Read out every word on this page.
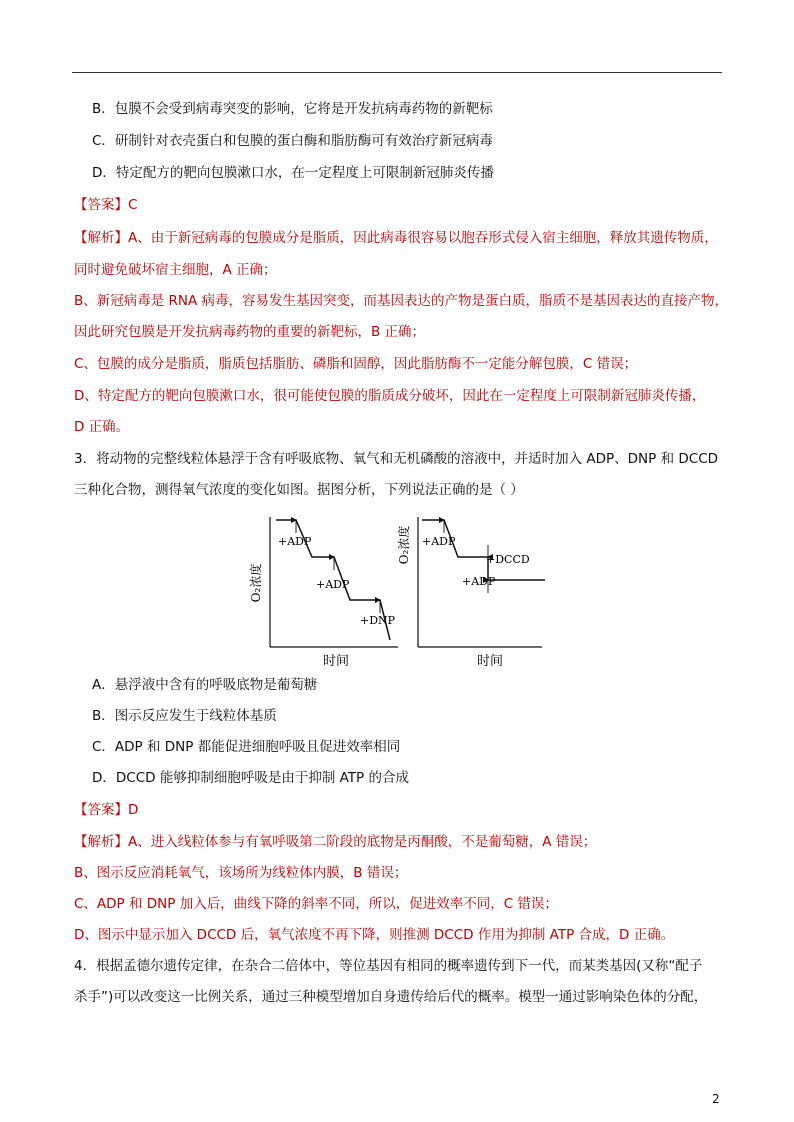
B．包膜不会受到病毒突变的影响，它将是开发抗病毒药物的新靶标
C．研制针对衣壳蛋白和包膜的蛋白酶和脂肪酶可有效治疗新冠病毒
D．特定配方的靶向包膜漱口水，在一定程度上可限制新冠肺炎传播
【答案】C
【解析】A、由于新冠病毒的包膜成分是脂质，因此病毒很容易以胞吞形式侵入宿主细胞，释放其遗传物质，
同时避免破坏宿主细胞，A 正确；
B、新冠病毒是 RNA 病毒，容易发生基因突变，而基因表达的产物是蛋白质，脂质不是基因表达的直接产物，
因此研究包膜是开发抗病毒药物的重要的新靶标，B 正确；
C、包膜的成分是脂质，脂质包括脂肪、磷脂和固醇，因此脂肪酶不一定能分解包膜，C 错误；
D、特定配方的靶向包膜漱口水，很可能使包膜的脂质成分破坏，因此在一定程度上可限制新冠肺炎传播，
D 正确。
3．将动物的完整线粒体悬浮于含有呼吸底物、氧气和无机磷酸的溶液中，并适时加入 ADP、DNP 和 DCCD
三种化合物，测得氧气浓度的变化如图。据图分析，下列说法正确的是（ ）
O₂浓度
时间
+ADP
+ADP
+DNP
O₂浓度
时间
+ADP
+DCCD
+ADP
A．悬浮液中含有的呼吸底物是葡萄糖
B．图示反应发生于线粒体基质
C．ADP 和 DNP 都能促进细胞呼吸且促进效率相同
D．DCCD 能够抑制细胞呼吸是由于抑制 ATP 的合成
【答案】D
【解析】A、进入线粒体参与有氧呼吸第二阶段的底物是丙酮酸，不是葡萄糖，A 错误；
B、图示反应消耗氧气，该场所为线粒体内膜，B 错误；
C、ADP 和 DNP 加入后，曲线下降的斜率不同，所以，促进效率不同，C 错误；
D、图示中显示加入 DCCD 后，氧气浓度不再下降，则推测 DCCD 作用为抑制 ATP 合成，D 正确。
4．根据孟德尔遗传定律，在杂合二倍体中，等位基因有相同的概率遗传到下一代，而某类基因(又称“配子
杀手”)可以改变这一比例关系，通过三种模型增加自身遗传给后代的概率。模型一通过影响染色体的分配，
2
